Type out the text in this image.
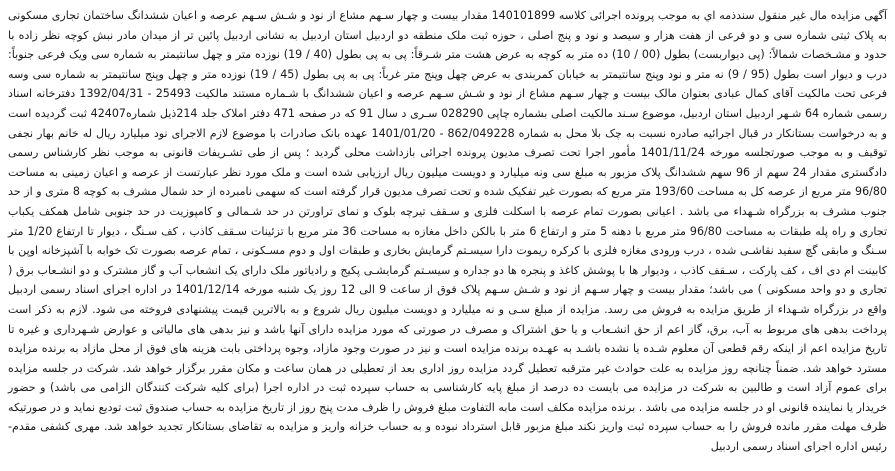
آگهی مزایده مال غیر منقول سندذمه اي به موجب پرونده اجرائی کلاسه 140101899 مقدار بیست و چهار سـهم مشاع از نود و شـش سـهم عرصه و اعیان ششدانگ ساختمان تجاری مسکونی به پلاک ثبتی شماره سی و دو فرعی از هفت هزار و سیصد و نود و پنج اصلی ، حوزه ثبت ملک منطقه دو اردبیل استان اردبیل به نشانی اردبیل پائین تر از میدان مادر نبش کوچه نظر زاده با حدود و مشـخصات شمالاً: (پی دیواربست) بطول (00 / 10) ده متر به کوچه به عرض هشت متر شـرقاً: پی به پی بطول (40 / 19) نوزده متر و چهل سانتیمتر به شماره سی ویک فرعی جنوباً: درب و دیوار است بطول (95 / 9) نه متر و نود وپنج سانتیمتر به خیابان کمربندی به عرض چهل وپنج متر غرباً: پی به پی بطول (45 / 19) نوزده متر و چهل وپنج سانتیمتر به شماره سی وسه فرعی تحت مالکیت آقای کمال عبادی بعنوان مالک بیست و چهار سـهم مشاع از نود و شـش سـهم عرصه و اعیان ششدانگ با شـماره مستند مالکیت 25493 - 1392/04/31 دفترخانه اسناد رسمی شماره 64 شـهر اردبیل استان اردبیل، موضوع سـند مالکیت اصلی بشماره چاپی 028290 سـری د سال 91 که در صفحه 471 دفتر املاک جلد 214ذیل شماره42407 ثبت گردیده است و به درخواست بستانکار در قبال اجرائیه صادره نسبت به چک بلا محل به شماره 862/049228 - 1401/01/20 عهده بانک صادرات با موضوع لازم الاجرای نود میلیارد ریال له خانم بهار نجفی توقیف و به موجب صورتجلسه مورخه 1401/11/24 مأمور اجرا تحت تصرف مدیون پرونده اجرائی بازداشت محلی گردید ؛ پس از طی تشـریفات قانونی به موجب نظر کارشناس رسمی دادگستری مقدار 24 سهم از 96 سهم ششدانگ پلاک مزبور به مبلغ سی ونه میلیارد و دویست میلیون ریال ارزیابی شده است و ملک مورد نظر عبارتست از عرصه و اعیان زمینی به مساحت 96/80 متر مربع از عرصه کل به مساحت 193/60 متر مربع که بصورت غیر تفکیک شده و تحت تصرف مدیون قرار گرفته است که سهمی نامبرده از حد شمال مشرف به کوچه 8 متری و از حد جنوب مشرف به بزرگراه شـهداء می باشد . اعیانی بصورت تمام عرصه با اسکلت فلزی و سـقف تیرچه بلوک و نمای تراورتن در حد شـمالی و کامپوزیت در حد جنوبی شامل همکف یکباب تجاری و راه پله طبقات به مساحت 96/80 متر مربع با دهنه 5 متر و ارتفاع 6 متر با بالکن داخل مغازه به مساحت 36 متر مربع با تزئینات سـقف کاذب ، کف سـنگ ، دیوار تا ارتفاع 1/20 متر سـنگ و مابقی گچ سفید نقاشـی شده ، درب ورودی مغازه فلزی با کرکره ریموت دارا سیسـتم گرمایش بخاری و طبقات اول و دوم مسـکونی ، تمام عرصه بصورت تک خوابه با آشپزخانه اوپن با کابینت ام دی اف ، کف پارکت ، سـقف کاذب ، ودیوار ها با پوشش کاغذ و پنجره ها دو جداره و سیسـتم گرمایشـی پکیج و رادیاتور ملک دارای یک انشعاب آب و گاز مشترک و دو انشـعاب برق ( تجاری و دو واحد مسکونی ) می باشد؛ مقدار بیست و چهار سـهم از نود و شـش سـهم پلاک فوق از ساعت 9 الی 12 روز یک شنبه مورخه 1401/12/14 در اداره اجرای اسناد رسمی اردبیل واقع در بزرگراه شـهداء از طریق مزایده به فروش می رسد. مزایده از مبلغ سـی و نه میلیارد و دویست میلیون ریال شروع و به بالاترین قیمت پیشنهادی فروخته می شود. لازم به ذکر است پرداخت بدهی های مربوط به آب، برق، گاز اعم از حق انشـعاب و یا حق اشتراک و مصرف در صورتی که مورد مزایده دارای آنها باشد و نیز بدهی های مالیاتی و عوارض شـهرداری و غیره تا تاریخ مزایده اعم از اینکه رقم قطعی آن معلوم شـده یا نشده باشـد به عهـده برنده مزایده است و نیز در صورت وجود مازاد، وجوه پرداختی بابت هزینه های فوق از محل مازاد به برنده مزایده مسترد خواهد شد. ضمناً چنانچه روز مزایده به علت حوادث غیر مترقبه تعطیل گردد مزایده روز اداری بعد از تعطیلی در همان ساعت و مکان مقرر برگزار خواهد شد. شرکت در جلسه مزایده برای عموم آزاد است و طالبین به شرکت در مزایده می بایست ده درصد از مبلغ پایه کارشناسی به حساب سپرده ثبت در اداره اجرا (برای کلیه شرکت کنندگان الزامی می باشد) و حضور خریدار یا نماینده قانونی او در جلسه مزایده می باشد . برنده مزایده مکلف است مابه التفاوت مبلغ فروش را ظرف مدت پنج روز از تاریخ مزایده به حساب صندوق ثبت تودیع نماید و در صورتیکه ظرف مهلت مقرر مانده فروش را به حساب سپرده ثبت واریز نکند مبلغ مزبور قابل استرداد نبوده و به حساب خزانه واریز و مزایده به تقاضای بستانکار تجدید خواهد شد. مهری کشفی مقدم- رئیس اداره اجرای اسناد رسمی اردبیل
